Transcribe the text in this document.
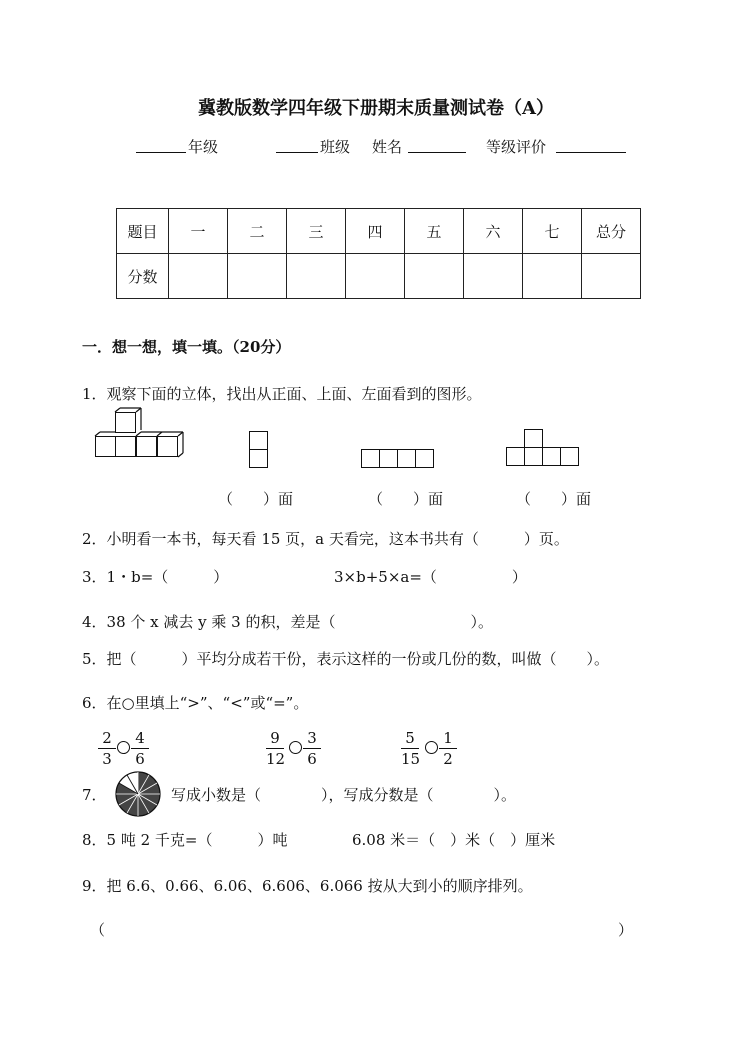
冀教版数学四年级下册期末质量测试卷（A）
年级	班级 姓名	等级评价
题目	一	二	三	四	五	六	七	总分
分数								
一．想一想，填一填。（20分）
1．观察下面的立体，找出从正面、上面、左面看到的图形。
（　　）面	（　　）面	（　　）面
2．小明看一本书，每天看 15 页，a 天看完，这本书共有（　　　）页。
3．1・b=（　　　）	3×b+5×a=（　　　　　）
4．38 个 x 减去 y 乘 3 的积，差是（　　　　　　　　　）。
5．把（　　　）平均分成若干份，表示这样的一份或几份的数，叫做（　　）。
6．在○里填上“>”、“<”或“=”。
2
3
4
6
9
12
3
6
5
15
1
2
7．	写成小数是（　　　　），写成分数是（　　　　）。
8．5 吨 2 千克=（　　　）吨	6.08 米＝（　）米（　）厘米
9．把 6.6、0.66、6.06、6.606、6.066 按从大到小的顺序排列。
（	）
